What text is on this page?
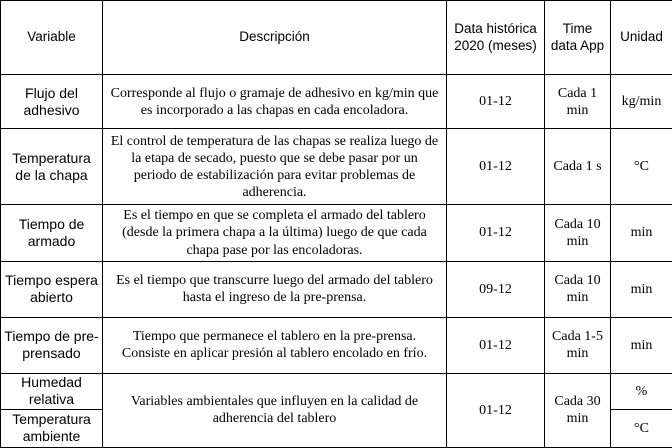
Variable	Descripción	Data histórica 2020 (meses)	Time data App	Unidad
Flujo del adhesivo	Corresponde al flujo o gramaje de adhesivo en kg/min que es incorporado a las chapas en cada encoladora.	01-12	Cada 1 min	kg/min
Temperatura de la chapa	El control de temperatura de las chapas se realiza luego de la etapa de secado, puesto que se debe pasar por un periodo de estabilización para evitar problemas de adherencia.	01-12	Cada 1 s	°C
Tiempo de armado	Es el tiempo en que se completa el armado del tablero (desde la primera chapa a la última) luego de que cada chapa pase por las encoladoras.	01-12	Cada 10 min	min
Tiempo espera abierto	Es el tiempo que transcurre luego del armado del tablero hasta el ingreso de la pre-prensa.	09-12	Cada 10 min	min
Tiempo de pre-prensado	Tiempo que permanece el tablero en la pre-prensa. Consiste en aplicar presión al tablero encolado en frío.	01-12	Cada 1-5 min	min
Humedad relativa	Variables ambientales que influyen en la calidad de adherencia del tablero	01-12	Cada 30 min	%
Temperatura ambiente				°C
